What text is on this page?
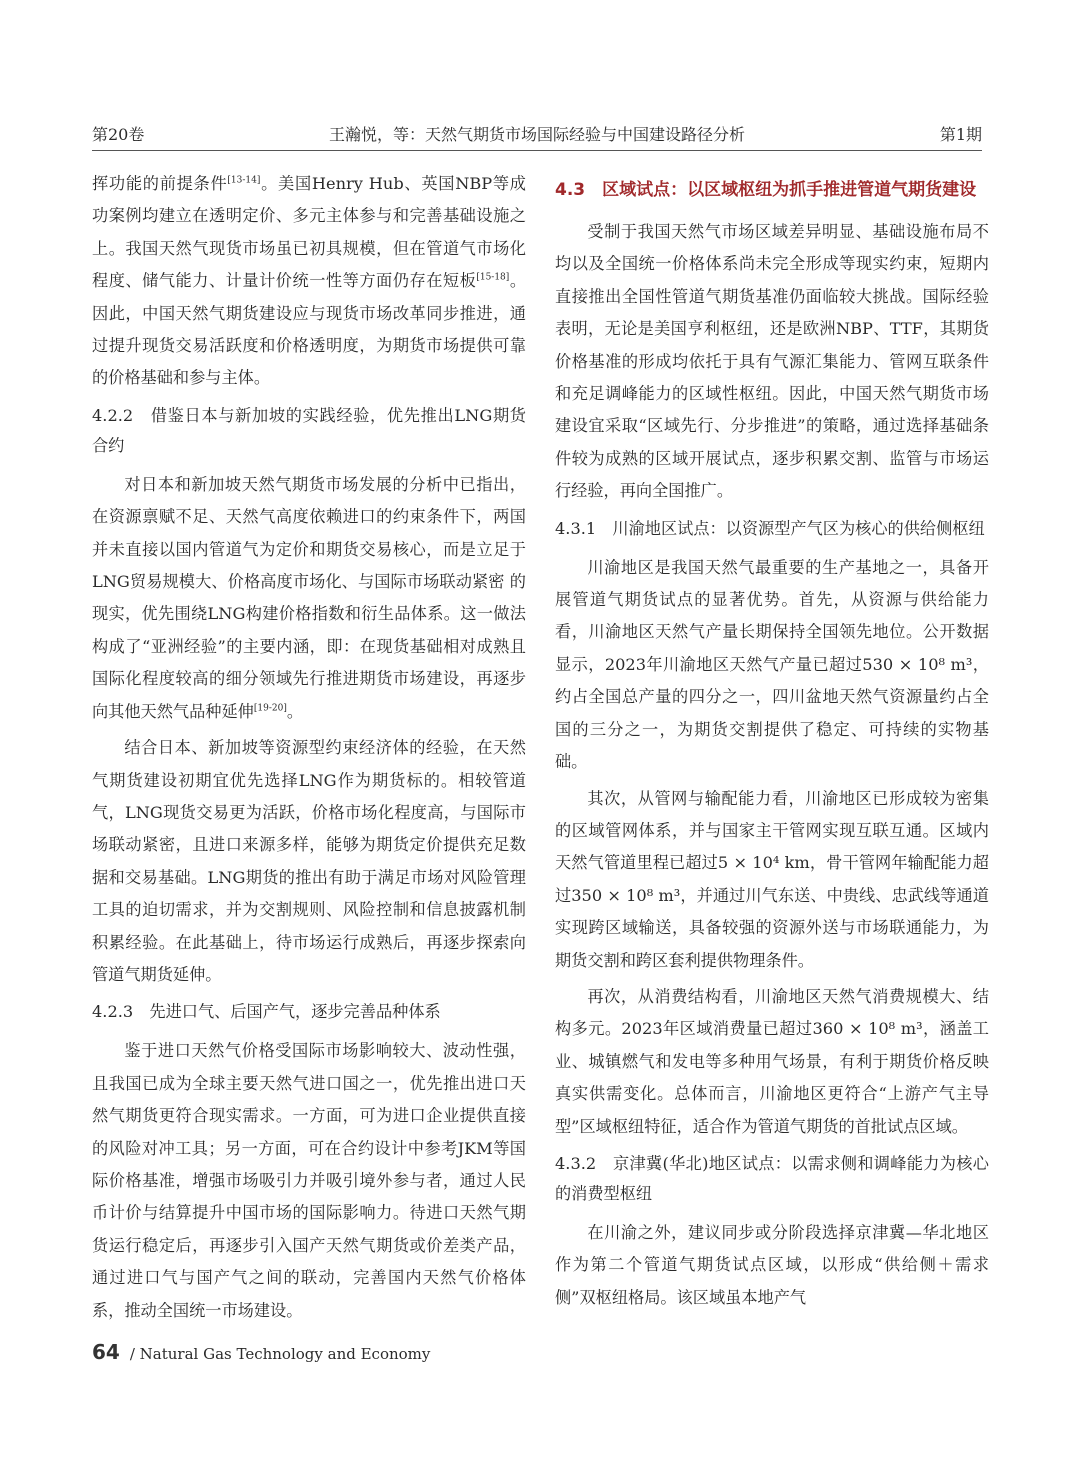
第20卷	王瀚悦，等：天然气期货市场国际经验与中国建设路径分析	第1期

挥功能的前提条件[13-14]。美国Henry Hub、英国NBP等成功案例均建立在透明定价、多元主体参与和完善基础设施之上。我国天然气现货市场虽已初具规模，但在管道气市场化程度、储气能力、计量计价统一性等方面仍存在短板[15-18]。因此，中国天然气期货建设应与现货市场改革同步推进，通过提升现货交易活跃度和价格透明度，为期货市场提供可靠的价格基础和参与主体。

4.2.2　借鉴日本与新加坡的实践经验，优先推出LNG期货合约

对日本和新加坡天然气期货市场发展的分析中已指出，在资源禀赋不足、天然气高度依赖进口的约束条件下，两国并未直接以国内管道气为定价和期货交易核心，而是立足于LNG贸易规模大、价格高度市场化、与国际市场联动紧密 的现实，优先围绕LNG构建价格指数和衍生品体系。这一做法构成了“亚洲经验”的主要内涵，即：在现货基础相对成熟且国际化程度较高的细分领域先行推进期货市场建设，再逐步向其他天然气品种延伸[19-20]。

结合日本、新加坡等资源型约束经济体的经验，在天然气期货建设初期宜优先选择LNG作为期货标的。相较管道气，LNG现货交易更为活跃，价格市场化程度高，与国际市场联动紧密，且进口来源多样，能够为期货定价提供充足数据和交易基础。LNG期货的推出有助于满足市场对风险管理工具的迫切需求，并为交割规则、风险控制和信息披露机制积累经验。在此基础上，待市场运行成熟后，再逐步探索向管道气期货延伸。

4.2.3　先进口气、后国产气，逐步完善品种体系

鉴于进口天然气价格受国际市场影响较大、波动性强，且我国已成为全球主要天然气进口国之一，优先推出进口天然气期货更符合现实需求。一方面，可为进口企业提供直接的风险对冲工具；另一方面，可在合约设计中参考JKM等国际价格基准，增强市场吸引力并吸引境外参与者，通过人民币计价与结算提升中国市场的国际影响力。待进口天然气期货运行稳定后，再逐步引入国产天然气期货或价差类产品，通过进口气与国产气之间的联动，完善国内天然气价格体系，推动全国统一市场建设。

4.3　区域试点：以区域枢纽为抓手推进管道气期货建设

受制于我国天然气市场区域差异明显、基础设施布局不均以及全国统一价格体系尚未完全形成等现实约束，短期内直接推出全国性管道气期货基准仍面临较大挑战。国际经验表明，无论是美国亨利枢纽，还是欧洲NBP、TTF，其期货价格基准的形成均依托于具有气源汇集能力、管网互联条件和充足调峰能力的区域性枢纽。因此，中国天然气期货市场建设宜采取“区域先行、分步推进”的策略，通过选择基础条件较为成熟的区域开展试点，逐步积累交割、监管与市场运行经验，再向全国推广。

4.3.1　川渝地区试点：以资源型产气区为核心的供给侧枢纽

川渝地区是我国天然气最重要的生产基地之一，具备开展管道气期货试点的显著优势。首先，从资源与供给能力看，川渝地区天然气产量长期保持全国领先地位。公开数据显示，2023年川渝地区天然气产量已超过530 × 10⁸ m³，约占全国总产量的四分之一，四川盆地天然气资源量约占全国的三分之一，为期货交割提供了稳定、可持续的实物基础。

其次，从管网与输配能力看，川渝地区已形成较为密集的区域管网体系，并与国家主干管网实现互联互通。区域内天然气管道里程已超过5 × 10⁴ km，骨干管网年输配能力超过350 × 10⁸ m³，并通过川气东送、中贵线、忠武线等通道实现跨区域输送，具备较强的资源外送与市场联通能力，为期货交割和跨区套利提供物理条件。

再次，从消费结构看，川渝地区天然气消费规模大、结构多元。2023年区域消费量已超过360 × 10⁸ m³，涵盖工业、城镇燃气和发电等多种用气场景，有利于期货价格反映真实供需变化。总体而言，川渝地区更符合“上游产气主导型”区域枢纽特征，适合作为管道气期货的首批试点区域。

4.3.2　京津冀(华北)地区试点：以需求侧和调峰能力为核心的消费型枢纽

在川渝之外，建议同步或分阶段选择京津冀—华北地区作为第二个管道气期货试点区域，以形成“供给侧＋需求侧”双枢纽格局。该区域虽本地产气

64 / Natural Gas Technology and Economy
